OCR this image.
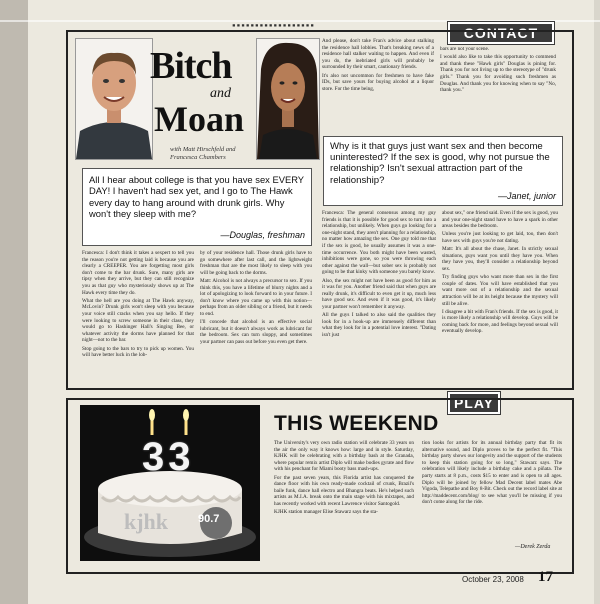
▪▪▪▪▪▪▪▪▪▪▪▪▪▪▪▪▪▪	CONTACT
Bitch
and
Moan
with Matt Hirschfeld and
Francesca Chambers
All I hear about college is that you have sex EVERY DAY! I haven't had sex yet, and I go to The Hawk every day to hang around with drunk girls. Why won't they sleep with me?
—Douglas, freshman
Why is it that guys just want sex and then become uninterested? If the sex is good, why not pursue the relationship? Isn't sexual attraction part of the relationship?
—Janet, junior

Francesca: I don't think it takes a sexpert to tell you the reason you're not getting laid is because you are clearly a CREEPER. You are forgetting most girls don't come to the bar drunk. Sure, many girls are tipsy when they arrive, but they can still recognize you as that guy who mysteriously shows up at The Hawk every time they do.

What the hell are you doing at The Hawk anyway, McLovin? Drunk girls won't sleep with you because your voice still cracks when you say hello. If they were looking to screw someone in their class, they would go to Hashinger Hall's Singing Bee, or whatever activity the dorms have planned for that night—not to the bar.

Stop going to the bars to try to pick up women. You will have better luck in the lob-

by of your residence hall. Those drunk girls have to go somewhere after last call, and the lightweight freshman that are the most likely to sleep with you will be going back to the dorms.

Matt: Alcohol is not always a precursor to sex. If you think this, you have a lifetime of blurry nights and a lot of apologizing to look forward to in your future. I don't know where you came up with this notion—perhaps from an older sibling or a friend, but it needs to end.

I'll concede that alcohol is an effective social lubricant, but it doesn't always work as lubricant for the bedroom. Sex can turn sloppy, and sometimes your partner can pass out before you even get there.

And please, don't take Fran's advice about stalking the residence hall lobbies. That's breaking news of a residence hall stalker waiting to happen. And even if you do, the inebriated girls will probably be surrounded by their smart, cautionary friends.

It's also not uncommon for freshmen to have fake IDs, but save yours for buying alcohol at a liquor store. For the time being,

bars are not your scene.

I would also like to take this opportunity to commend and thank these "Hawk girls" Douglas is pining for. Thank you for not living up to the stereotype of "drunk girls." Thank you for avoiding such freshmen as Douglas. And thank you for knowing when to say "No, thank you."

Francesca: The general consensus among my guy friends is that it is possible for good sex to turn into a relationship, but unlikely. When guys go looking for a one-night stand, they aren't planning for a relationship, no matter how amazing the sex. One guy told me that if the sex is good, he usually assumes it was a one-time occurrence. You both might have been wasted, inhibitions were gone, so you were throwing each other against the wall—but sober sex is probably not going to be that kinky with someone you barely know.

Also, the sex might not have been as good for him as it was for you. Another friend said that when guys are really drunk, it's difficult to even get it up, much less have good sex. And even if it was good, it's likely your partner won't remember it anyway.

All the guys I talked to also said the qualities they look for in a hook-up are immensely different than what they look for in a potential love interest. "Dating isn't just

about sex," one friend said. Even if the sex is good, you and your one-night stand have to have a spark in other areas besides the bedroom.

Unless you're just looking to get laid, too, then don't have sex with guys you're not dating.

Matt: It's all about the chase, Janet. In strictly sexual situations, guys want you until they have you. When they have you, they'll consider a relationship beyond sex.

Try finding guys who want more than sex in the first couple of dates. You will have established that you want more out of a relationship and the sexual attraction will be at its height because the mystery will still be alive.

I disagree a bit with Fran's friends. If the sex is good, it is more likely a relationship will develop. Guys will be coming back for more, and feelings beyond sexual will eventually develop.

PLAY
33
90.7
kjhk
THIS WEEKEND

The University's very own radio station will celebrate 33 years on the air the only way it knows how: large and in style. Saturday, KJHK will be celebrating with a birthday bash at the Granada, where popular remix artist Diplo will make bodies gyrate and flow with his penchant for Miami booty bass mash-ups.

For the past seven years, this Florida artist has conquered the dance floor with his own ready-made cocktail of crunk, Brazil's baile funk, dance hall electro and Bhangra beats. He's helped such artists as M.I.A. break onto the main stage with his mixtapes, and has recently worked with recent Lawrence visitor Santogold.

KJHK station manager Elise Stawarz says the sta-

tion looks for artists for its annual birthday party that fit its alternative sound, and Diplo proves to be the perfect fit. "This birthday party shows our longevity and the support of the students to keep this station going for so long," Stawarz says. The celebration will likely include a birthday cake and a piñata. The party starts at 8 p.m., costs $15 to enter and is open to all ages. Diplo will be joined by fellow Mad Decent label mates Abe Vigoda, Telepathe and Boy 8-Bit. Check out the record label site at http://maddecent.com/blog/ to see what you'll be missing if you don't come along for the ride.

—Derek Zerda
October 23, 2008 17
